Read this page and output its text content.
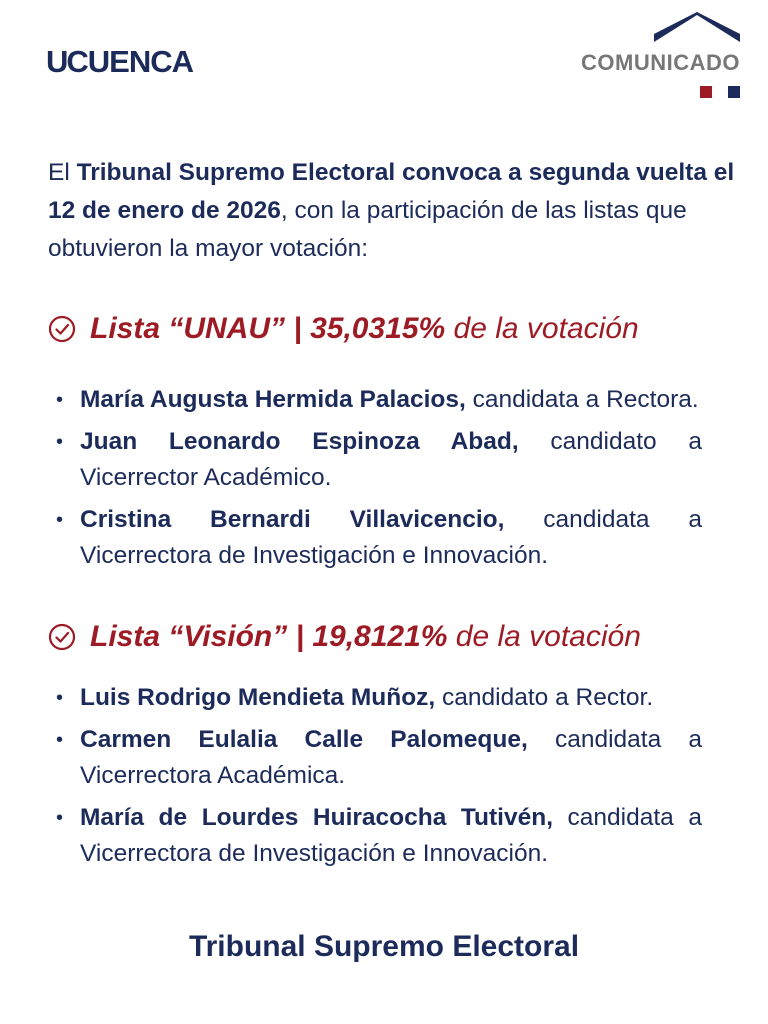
UCUENCA	COMUNICADO
El Tribunal Supremo Electoral convoca a segunda vuelta el 12 de enero de 2026, con la participación de las listas que obtuvieron la mayor votación:
Lista “UNAU” | 35,0315% de la votación
• María Augusta Hermida Palacios, candidata a Rectora.
• Juan Leonardo Espinoza Abad, candidato a Vicerrector Académico.
• Cristina Bernardi Villavicencio, candidata a Vicerrectora de Investigación e Innovación.
Lista “Visión” | 19,8121% de la votación
• Luis Rodrigo Mendieta Muñoz, candidato a Rector.
• Carmen Eulalia Calle Palomeque, candidata a Vicerrectora Académica.
• María de Lourdes Huiracocha Tutivén, candidata a Vicerrectora de Investigación e Innovación.
Tribunal Supremo Electoral
